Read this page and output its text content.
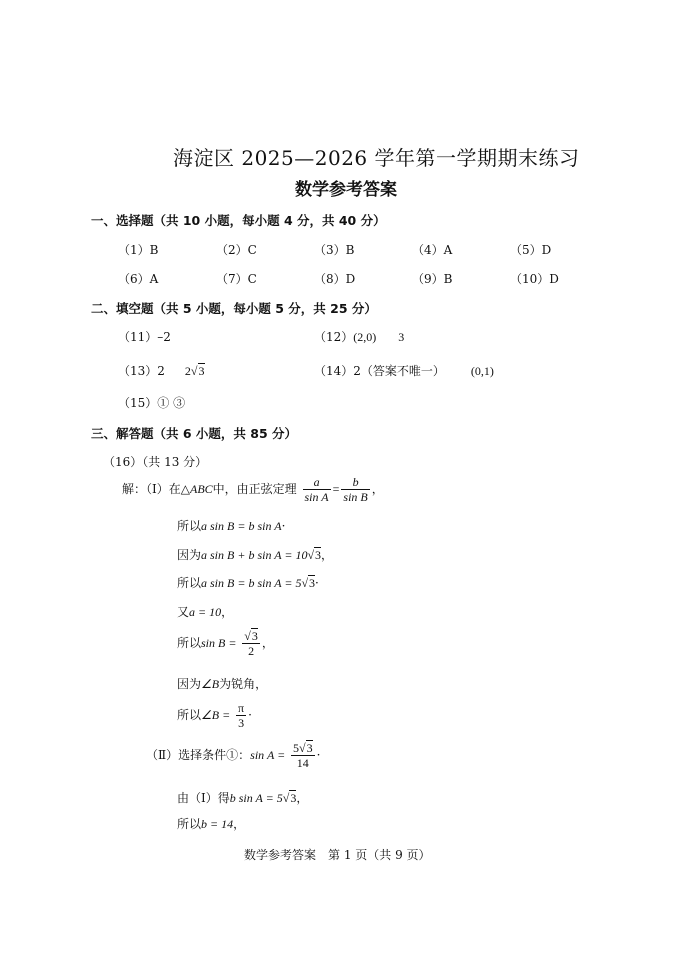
海淀区 2025—2026 学年第一学期期末练习
数学参考答案
一、选择题（共 10 小题，每小题 4 分，共 40 分）
（1）B	（2）C	（3）B	（4）A	（5）D
（6）A	（7）C	（8）D	（9）B	（10）D
二、填空题（共 5 小题，每小题 5 分，共 25 分）
（11）–2	（12）(2,0) 3
（13）2 2√3	（14）2（答案不唯一） (0,1)
（15）① ③
三、解答题（共 6 小题，共 85 分）
（16）（共 13 分）
解：（Ⅰ）在△ABC中，由正弦定理 $\frac{a}{\text{sin A}} = \frac{b}{\text{sin B}}$ ，
所以a sin B = b sin A·
因为a sin B + b sin A = 10√3，
所以a sin B = b sin A = 5√3·
又a = 10，
所以$\sin B = \frac{√3}{2}$ ，
因为∠B为锐角，
所以∠B = $\frac{\pi}{3}$ ·
（Ⅱ）选择条件①：$\sin A = \frac{5√3}{14}$ ·
由（Ⅰ）得b sin A = 5√3，
所以b = 14，
数学参考答案　第 1 页（共 9 页）
